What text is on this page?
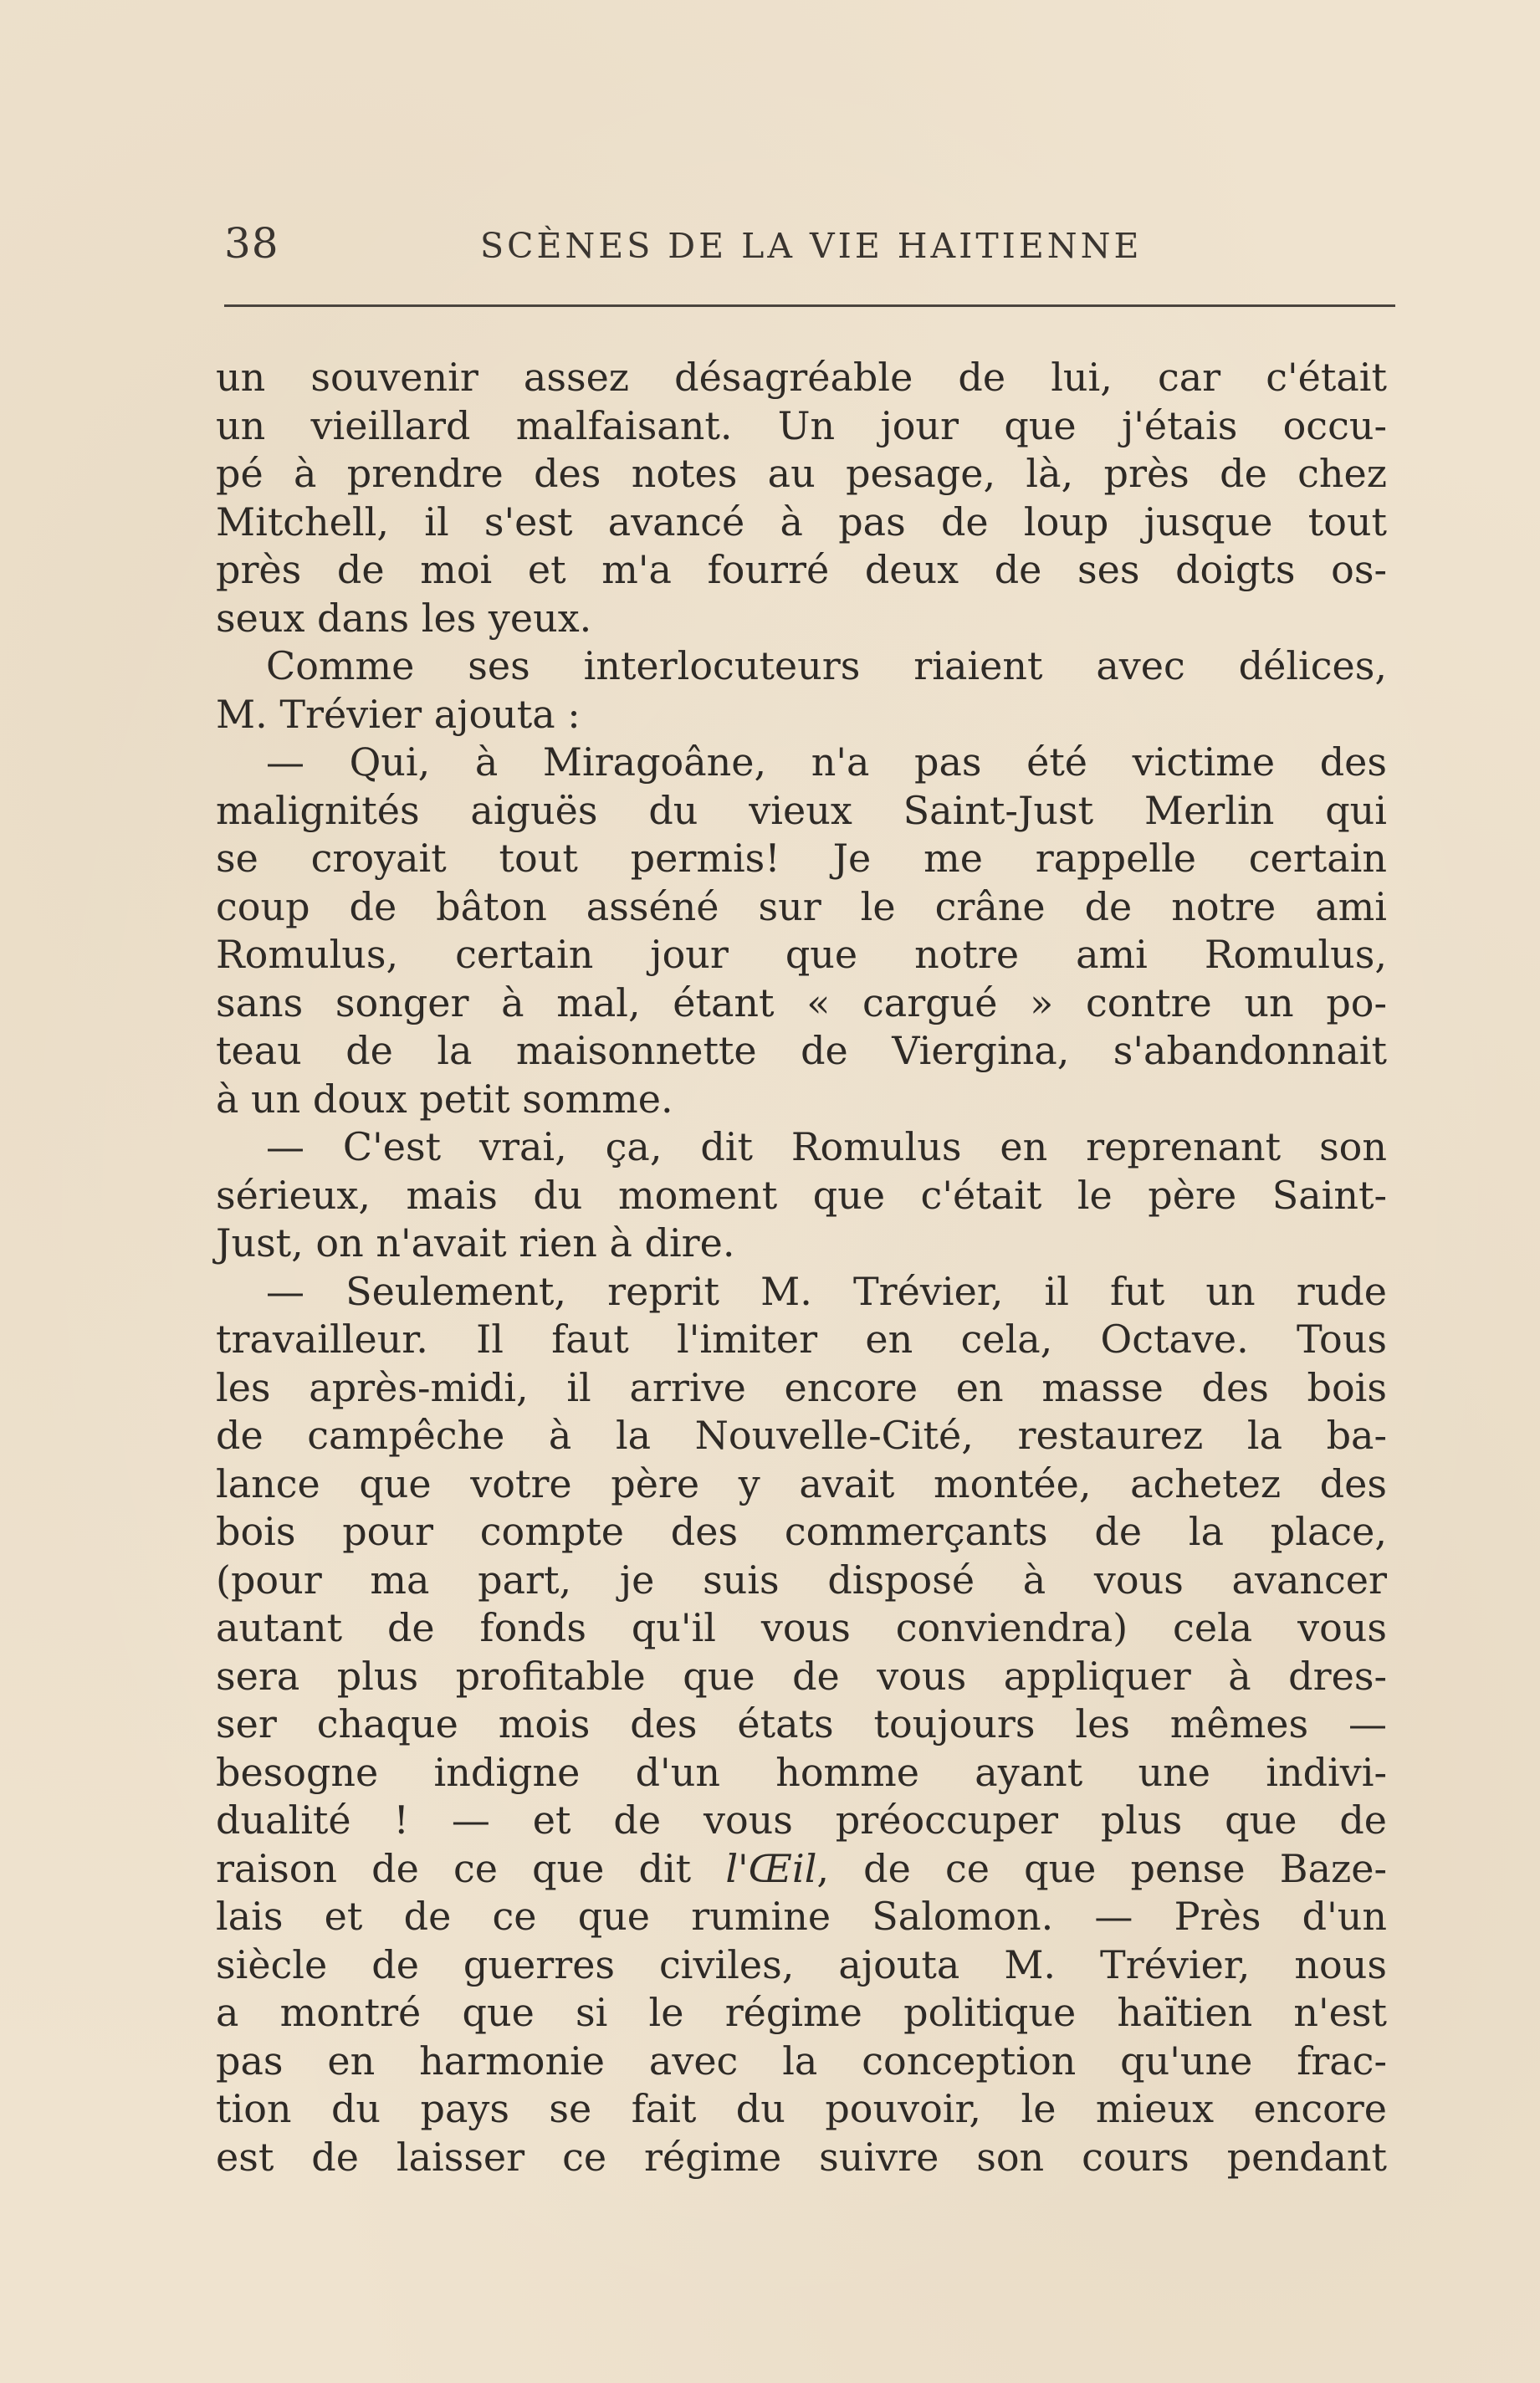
38	SCÈNES DE LA VIE HAITIENNE
un souvenir assez désagréable de lui, car c'était
un vieillard malfaisant. Un jour que j'étais occu-
pé à prendre des notes au pesage, là, près de chez
Mitchell, il s'est avancé à pas de loup jusque tout
près de moi et m'a fourré deux de ses doigts os-
seux dans les yeux.
Comme ses interlocuteurs riaient avec délices,
M. Trévier ajouta :
— Qui, à Miragoâne, n'a pas été victime des
malignités aiguës du vieux Saint-Just Merlin qui
se croyait tout permis! Je me rappelle certain
coup de bâton asséné sur le crâne de notre ami
Romulus, certain jour que notre ami Romulus,
sans songer à mal, étant « cargué » contre un po-
teau de la maisonnette de Viergina, s'abandonnait
à un doux petit somme.
— C'est vrai, ça, dit Romulus en reprenant son
sérieux, mais du moment que c'était le père Saint-
Just, on n'avait rien à dire.
— Seulement, reprit M. Trévier, il fut un rude
travailleur. Il faut l'imiter en cela, Octave. Tous
les après-midi, il arrive encore en masse des bois
de campêche à la Nouvelle-Cité, restaurez la ba-
lance que votre père y avait montée, achetez des
bois pour compte des commerçants de la place,
(pour ma part, je suis disposé à vous avancer
autant de fonds qu'il vous conviendra) cela vous
sera plus profitable que de vous appliquer à dres-
ser chaque mois des états toujours les mêmes —
besogne indigne d'un homme ayant une indivi-
dualité ! — et de vous préoccuper plus que de
raison de ce que dit l'Œil, de ce que pense Baze-
lais et de ce que rumine Salomon. — Près d'un
siècle de guerres civiles, ajouta M. Trévier, nous
a montré que si le régime politique haïtien n'est
pas en harmonie avec la conception qu'une frac-
tion du pays se fait du pouvoir, le mieux encore
est de laisser ce régime suivre son cours pendant
